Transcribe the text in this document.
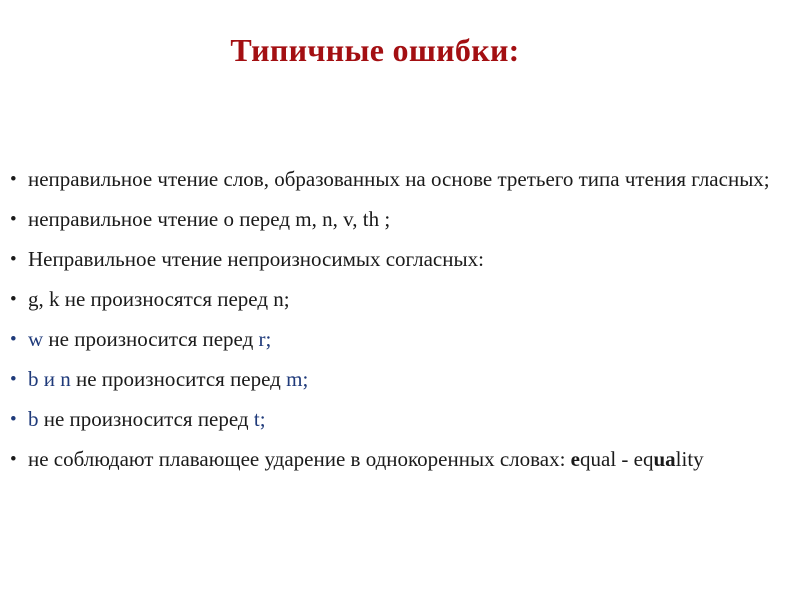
Типичные ошибки:
• неправильное чтение слов, образованных на основе третьего типа чтения гласных;
• неправильное чтение о перед m, n, v, th ;
• Неправильное чтение непроизносимых согласных:
• g, k не произносятся перед n;
• w не произносится перед r;
• b и n не произносится перед m;
• b не произносится перед t;
• не соблюдают плавающее ударение в однокоренных словах: equal - equality
